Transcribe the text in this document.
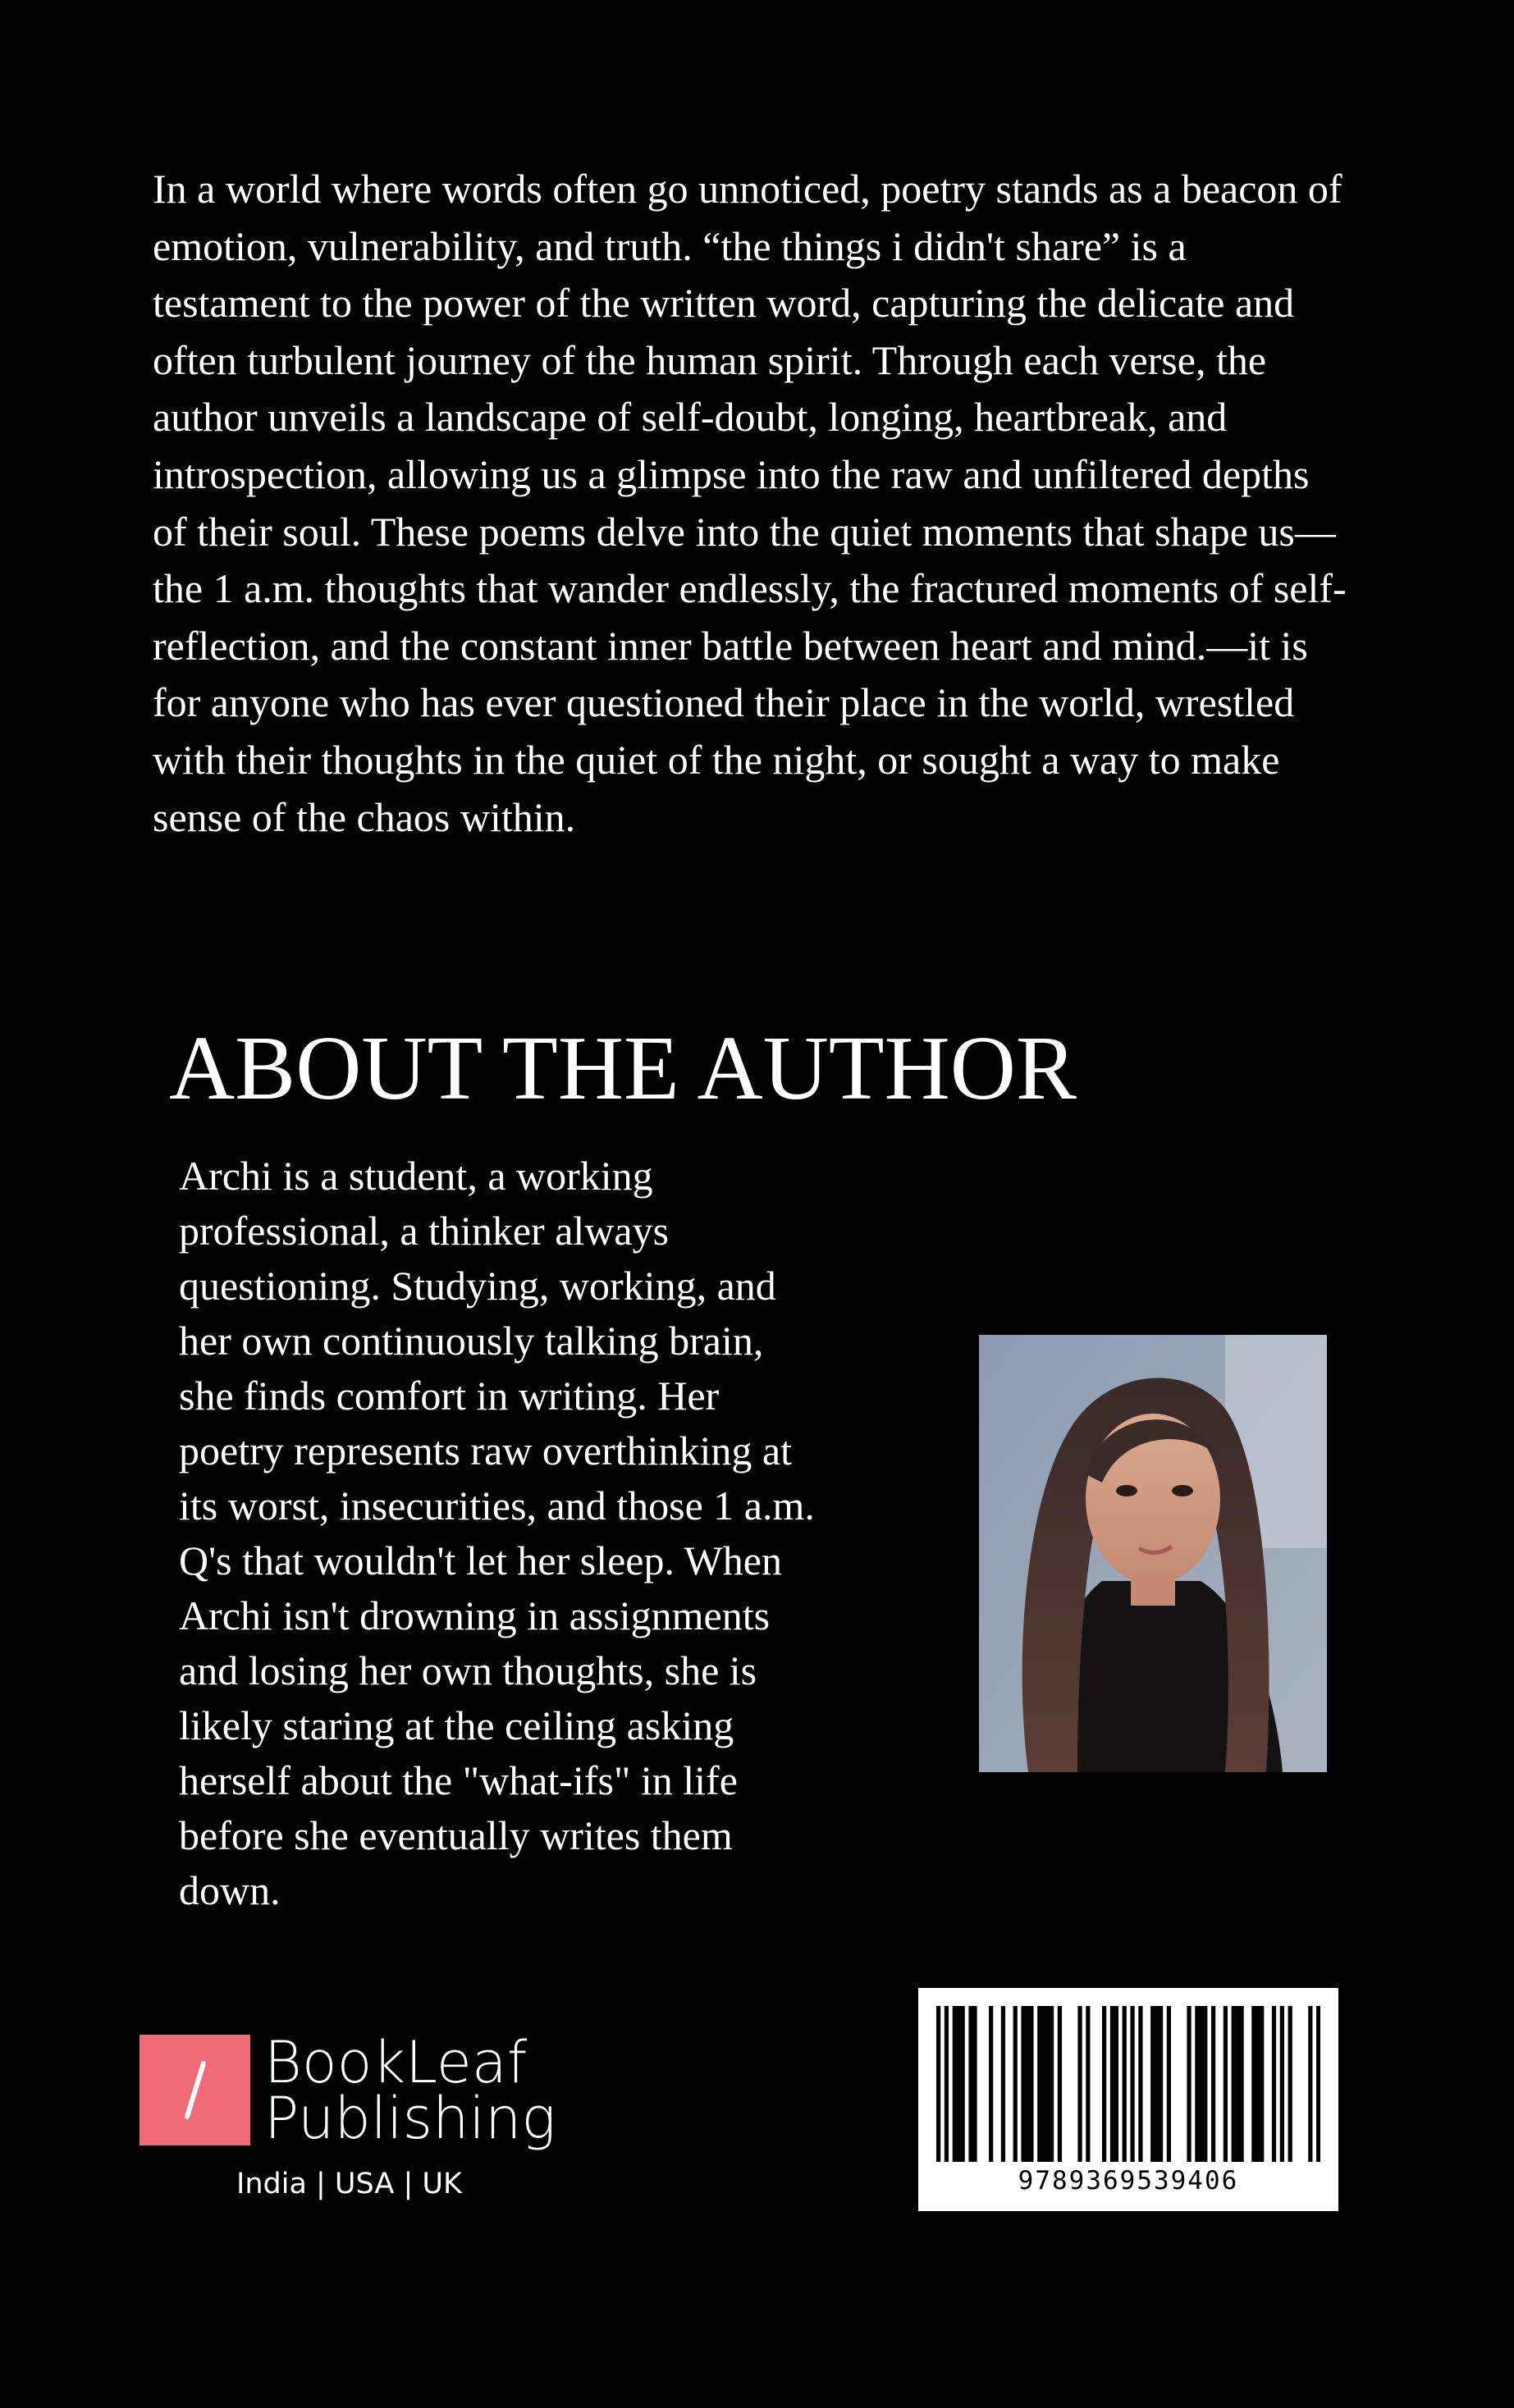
In a world where words often go unnoticed, poetry stands as a beacon of emotion, vulnerability, and truth. “the things i didn't share” is a testament to the power of the written word, capturing the delicate and often turbulent journey of the human spirit. Through each verse, the author unveils a landscape of self-doubt, longing, heartbreak, and introspection, allowing us a glimpse into the raw and unfiltered depths of their soul. These poems delve into the quiet moments that shape us—the 1 a.m. thoughts that wander endlessly, the fractured moments of self-reflection, and the constant inner battle between heart and mind.—it is for anyone who has ever questioned their place in the world, wrestled with their thoughts in the quiet of the night, or sought a way to make sense of the chaos within.

ABOUT THE AUTHOR

Archi is a student, a working professional, a thinker always questioning. Studying, working, and her own continuously talking brain, she finds comfort in writing. Her poetry represents raw overthinking at its worst, insecurities, and those 1 a.m. Q's that wouldn't let her sleep. When Archi isn't drowning in assignments and losing her own thoughts, she is likely staring at the ceiling asking herself about the "what-ifs" in life before she eventually writes them down.

BookLeaf
Publishing
India | USA | UK	9789369539406
